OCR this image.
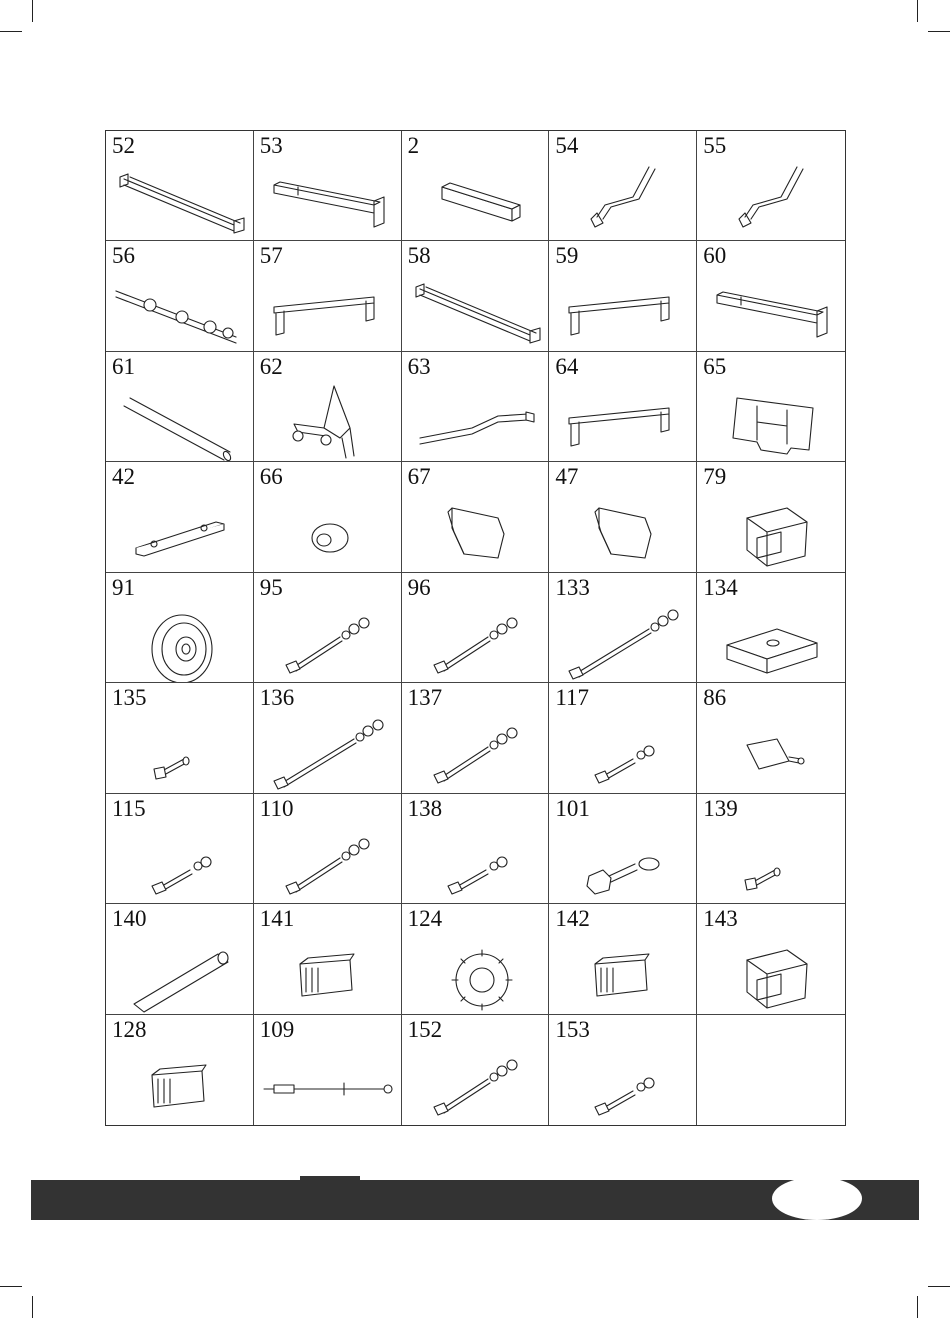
52	53	2	54	55
56	57	58	59	60
61	62	63	64	65
42	66	67	47	79
91	95	96	133	134
135	136	137	117	86
115	110	138	101	139
140	141	124	142	143
128	109	152	153
